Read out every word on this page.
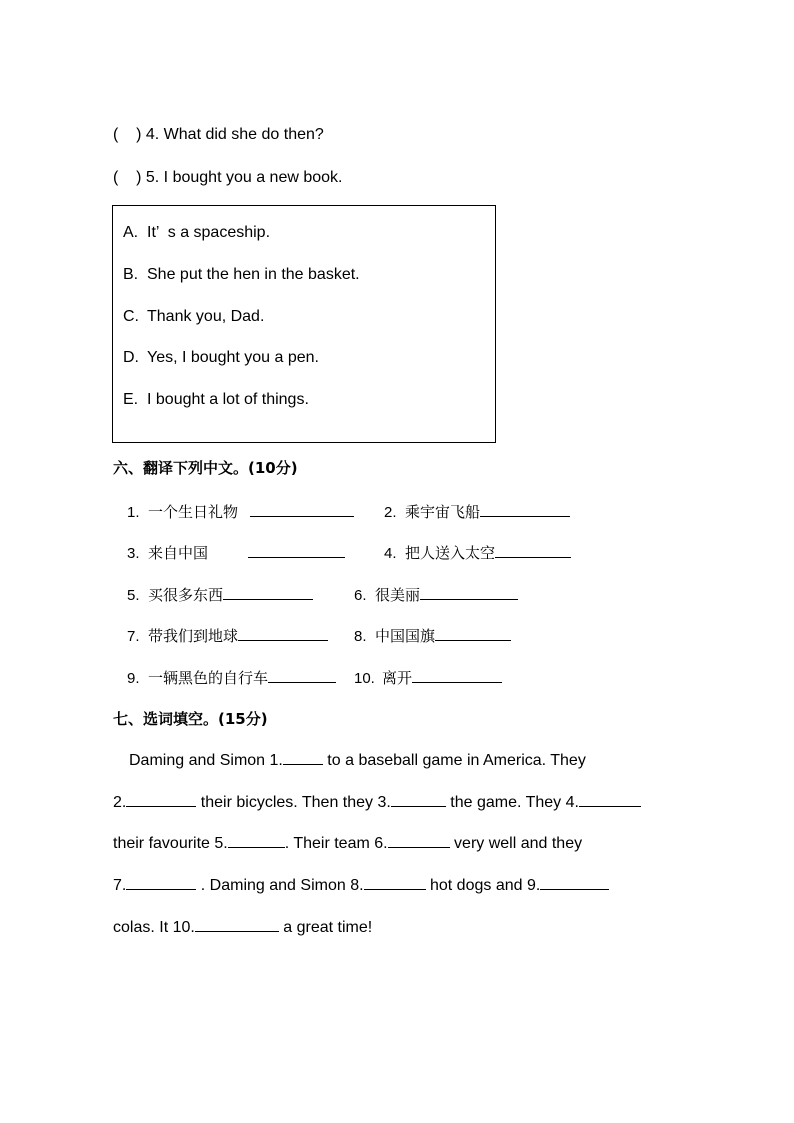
(    ) 4. What did she do then?
(    ) 5. I bought you a new book.
A. It’  s a spaceship.
B. She put the hen in the basket.
C. Thank you, Dad.
D. Yes, I bought you a pen.
E. I bought a lot of things.
六、翻译下列中文。(10分)
1. 一个生日礼物	2. 乘宇宙飞船
3. 来自中国	4. 把人送入太空
5. 买很多东西	6. 很美丽
7. 带我们到地球	8. 中国国旗
9. 一辆黑色的自行车	10. 离开
七、选词填空。(15分)
Daming and Simon 1.	to a baseball game in America. They
2.	their bicycles. Then they 3.	the game. They 4.
their favourite 5.	. Their team 6.	very well and they
7.	. Daming and Simon 8.	hot dogs and 9.
colas. It 10.	a great time!
